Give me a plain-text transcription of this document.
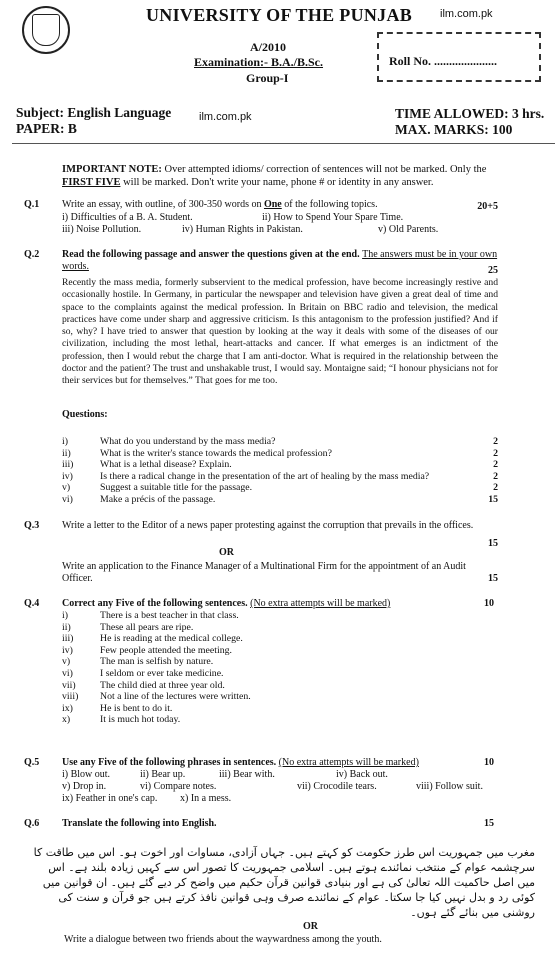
UNIVERSITY OF THE PUNJAB	ilm.com.pk
A/2010
Examination:- B.A./B.Sc.
Group-I
Roll No. .....................
Subject: English Language
PAPER: B
ilm.com.pk	TIME ALLOWED: 3 hrs.
MAX. MARKS: 100
IMPORTANT NOTE: Over attempted idioms/ correction of sentences will not be marked. Only the FIRST FIVE will be marked. Don't write your name, phone # or identity in any answer.
Q.1 Write an essay, with outline, of 300-350 words on One of the following topics.	20+5
i) Difficulties of a B. A. Student.	ii) How to Spend Your Spare Time.
iii) Noise Pollution.	iv) Human Rights in Pakistan.	v) Old Parents.
Q.2 Read the following passage and answer the questions given at the end. The answers must be in your own words.	25
Recently the mass media, formerly subservient to the medical profession, have become increasingly restive and occasionally hostile. In Germany, in particular the newspaper and television have given a great deal of time and space to the complaints against the medical profession. In Britain on BBC radio and television, the medical practices have come under sharp and aggressive criticism. Is this antagonism to the profession justified? And if so, why? I have tried to answer that question by looking at the way it deals with some of the diseases of our civilization, including the most lethal, heart-attacks and cancer. If what emerges is an indictment of the profession, then I would rebut the charge that I am anti-doctor. What is required in the relationship between the doctor and the patient? The trust and unshakable trust, I would say. Montaigne said; “I honour physicians not for their services but for themselves.” That goes for me too.
Questions:
i)	What do you understand by the mass media?	2
ii)	What is the writer's stance towards the medical profession?	2
iii)	What is a lethal disease? Explain.	2
iv)	Is there a radical change in the presentation of the art of healing by the mass media?	2
v)	Suggest a suitable title for the passage.	2
vi)	Make a précis of the passage.	15
Q.3 Write a letter to the Editor of a news paper protesting against the corruption that prevails in the offices.
15
OR
Write an application to the Finance Manager of a Multinational Firm for the appointment of an Audit Officer.	15
Q.4 Correct any Five of the following sentences. (No extra attempts will be marked)	10
i)	There is a best teacher in that class.
ii)	These all pears are ripe.
iii)	He is reading at the medical college.
iv)	Few people attended the meeting.
v)	The man is selfish by nature.
vi)	I seldom or ever take medicine.
vii)	The child died at three year old.
viii)	Not a line of the lectures were written.
ix)	He is bent to do it.
x)	It is much hot today.
Q.5 Use any Five of the following phrases in sentences. (No extra attempts will be marked)	10
i) Blow out.	ii) Bear up.	iii) Bear with.	iv) Back out.
v) Drop in.	vi) Compare notes.	vii) Crocodile tears.	viii) Follow suit.
ix) Feather in one's cap. x) In a mess.
Q.6 Translate the following into English.	15
مغرب میں جمہوریت اس طرز حکومت کو کہتے ہیں۔ جہاں آزادی، مساوات اور اخوت ہو۔ اس میں طاقت کا سرچشمہ عوام کے منتخب نمائندے ہوتے ہیں۔ اسلامی جمہوریت کا تصور اس سے کہیں زیادہ بلند ہے۔ اس میں اصل حاکمیت اللہ تعالیٰ کی ہے اور بنیادی قوانین قرآن حکیم میں واضح کر دیے گئے ہیں۔ ان قوانین میں کوئی رد و بدل نہیں کیا جا سکتا۔ عوام کے نمائندے صرف وہی قوانین نافذ کرتے ہیں جو قرآن و سنت کی روشنی میں بنائے گئے ہوں۔
OR
Write a dialogue between two friends about the waywardness among the youth.
